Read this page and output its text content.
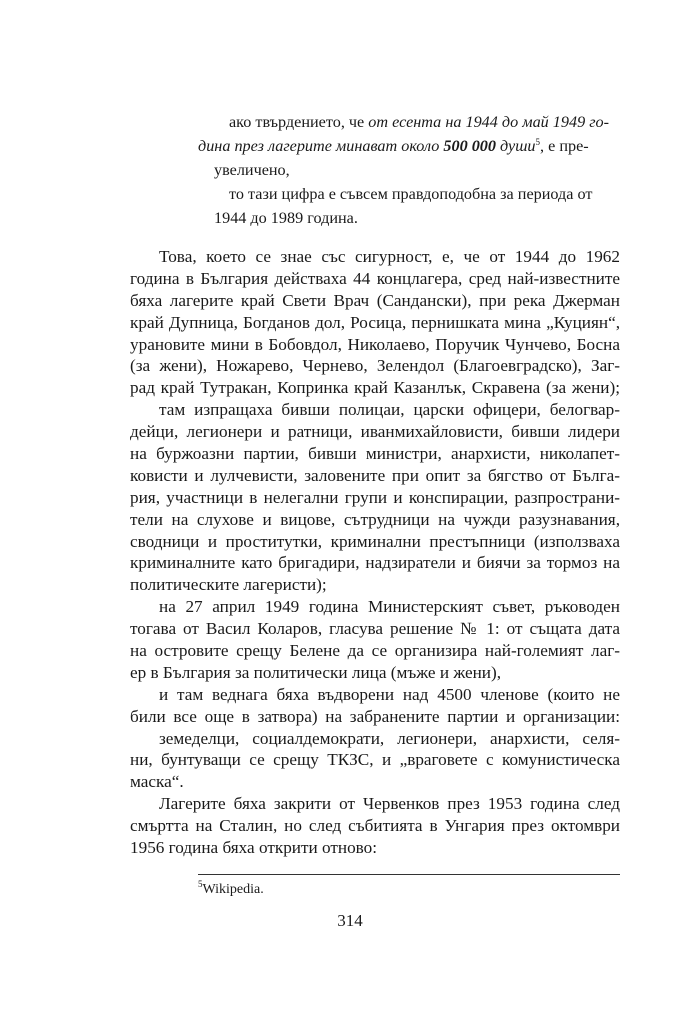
ако твърдението, че от есента на 1944 до май 1949 го-
дина през лагерите минават около 500 000 души$^5$, е пре-
увеличено,
то тази цифра е съвсем правдоподобна за периода от
1944 до 1989 година.
Това, което се знае със сигурност, е, че от 1944 до 1962
година в България действаха 44 концлагера, сред най-известните
бяха лагерите край Свети Врач (Сандански), при река Джерман
край Дупница, Богданов дол, Росица, пернишката мина „Куциян“,
урановите мини в Бобовдол, Николаево, Поручик Чунчево, Босна
(за жени), Ножарево, Чернево, Зелендол (Благоевградско), Заг-
рад край Тутракан, Копринка край Казанлък, Скравена (за жени);
там изпращаха бивши полицаи, царски офицери, белогвар-
дейци, легионери и ратници, иванмихайловисти, бивши лидери
на буржоазни партии, бивши министри, анархисти, николапет-
ковисти и лулчевисти, заловените при опит за бягство от Бълга-
рия, участници в нелегални групи и конспирации, разпространи-
тели на слухове и вицове, сътрудници на чужди разузнавания,
сводници и проститутки, криминални престъпници (използваха
криминалните като бригадири, надзиратели и биячи за тормоз на
политическите лагеристи);
на 27 април 1949 година Министерският съвет, ръководен
тогава от Васил Коларов, гласува решение № 1: от същата дата
на островите срещу Белене да се организира най-големият лаг-
ер в България за политически лица (мъже и жени),
и там веднага бяха въдворени над 4500 членове (които не
били все още в затвора) на забранените партии и организации:
земеделци, социалдемократи, легионери, анархисти, селя-
ни, бунтуващи се срещу ТКЗС, и „враговете с комунистическа
маска“.
Лагерите бяха закрити от Червенков през 1953 година след
смъртта на Сталин, но след събитията в Унгария през октомври
1956 година бяха открити отново:
$^5$Wikipedia.
314
